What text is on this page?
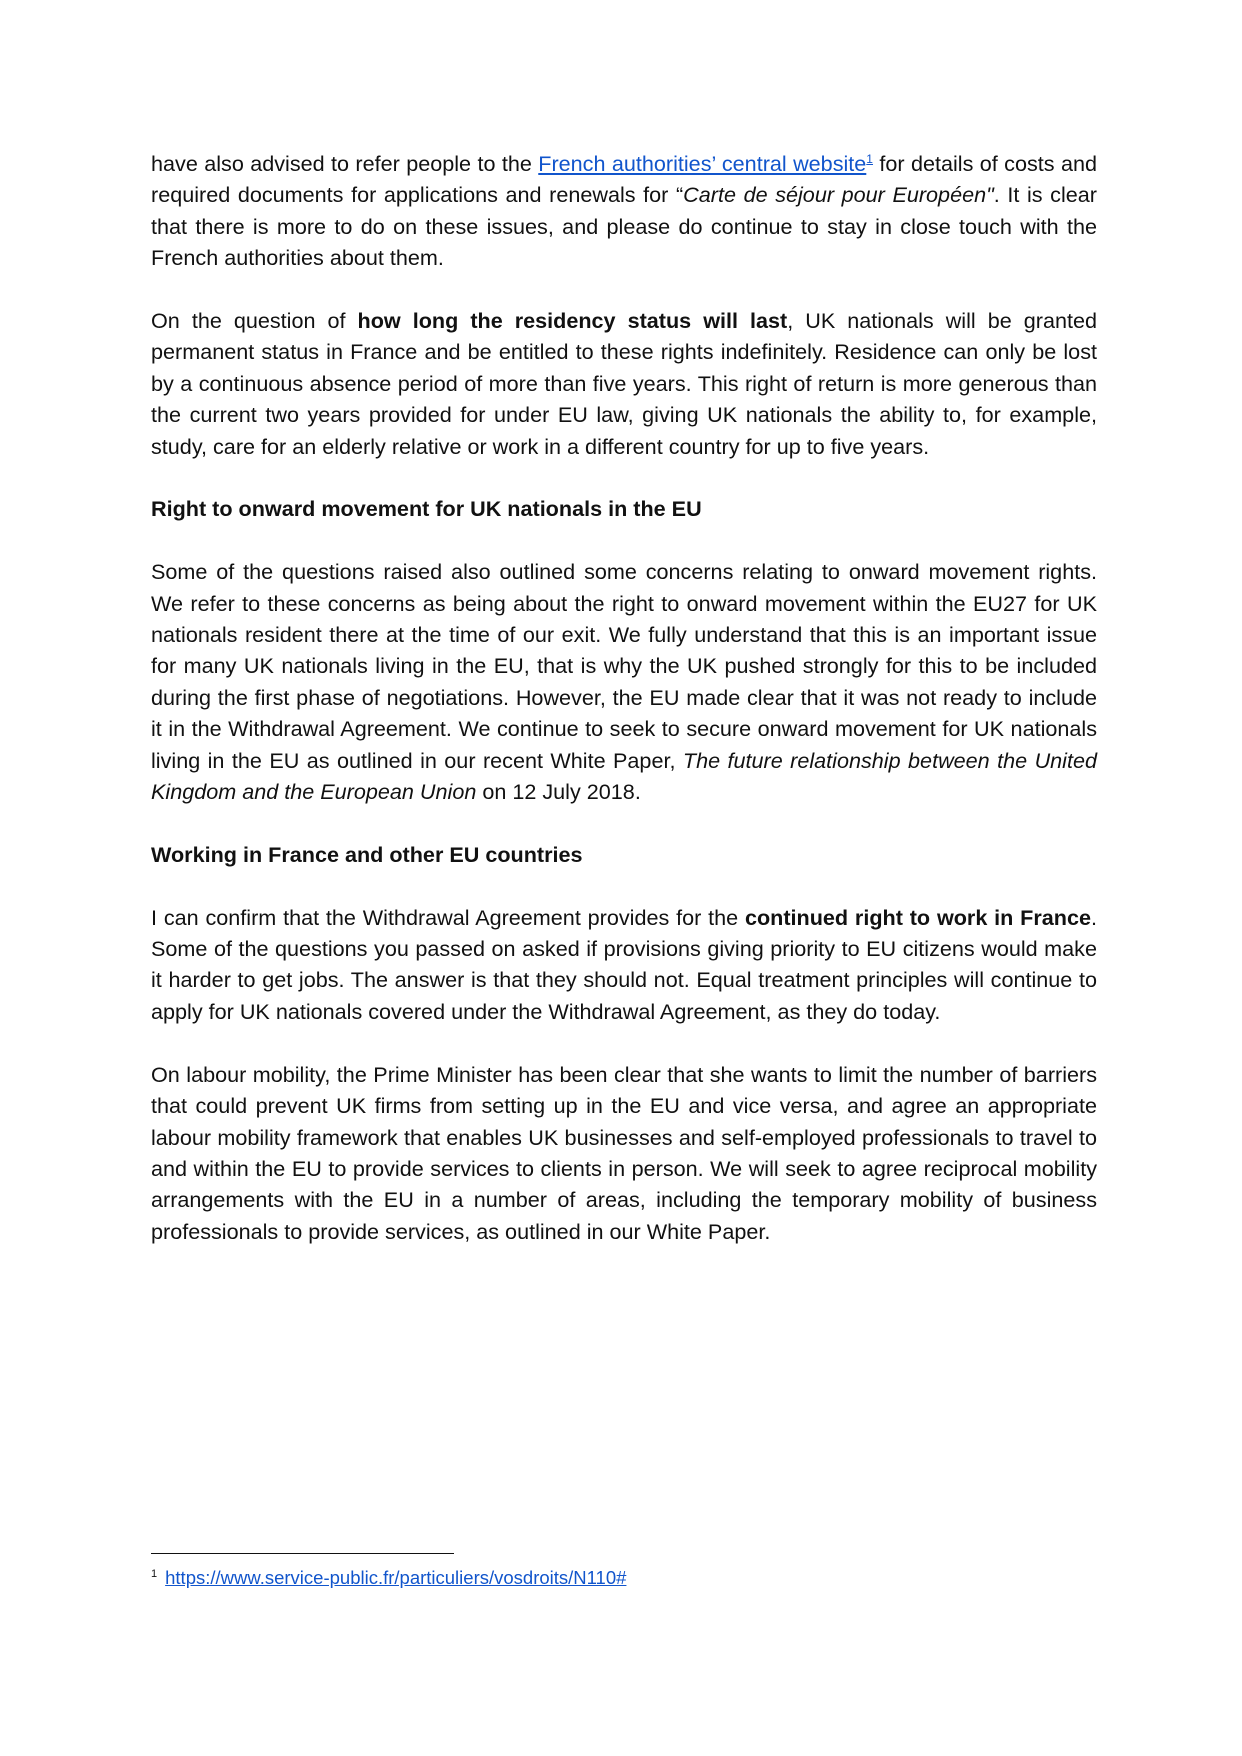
have also advised to refer people to the French authorities’ central website$^1$ for details of costs and required documents for applications and renewals for “Carte de séjour pour Européen". It is clear that there is more to do on these issues, and please do continue to stay in close touch with the French authorities about them.

On the question of how long the residency status will last, UK nationals will be granted permanent status in France and be entitled to these rights indefinitely. Residence can only be lost by a continuous absence period of more than five years. This right of return is more generous than the current two years provided for under EU law, giving UK nationals the ability to, for example, study, care for an elderly relative or work in a different country for up to five years.

Right to onward movement for UK nationals in the EU

Some of the questions raised also outlined some concerns relating to onward movement rights. We refer to these concerns as being about the right to onward movement within the EU27 for UK nationals resident there at the time of our exit. We fully understand that this is an important issue for many UK nationals living in the EU, that is why the UK pushed strongly for this to be included during the first phase of negotiations. However, the EU made clear that it was not ready to include it in the Withdrawal Agreement. We continue to seek to secure onward movement for UK nationals living in the EU as outlined in our recent White Paper, The future relationship between the United Kingdom and the European Union on 12 July 2018.

Working in France and other EU countries

I can confirm that the Withdrawal Agreement provides for the continued right to work in France. Some of the questions you passed on asked if provisions giving priority to EU citizens would make it harder to get jobs. The answer is that they should not. Equal treatment principles will continue to apply for UK nationals covered under the Withdrawal Agreement, as they do today.

On labour mobility, the Prime Minister has been clear that she wants to limit the number of barriers that could prevent UK firms from setting up in the EU and vice versa, and agree an appropriate labour mobility framework that enables UK businesses and self-employed professionals to travel to and within the EU to provide services to clients in person. We will seek to agree reciprocal mobility arrangements with the EU in a number of areas, including the temporary mobility of business professionals to provide services, as outlined in our White Paper.

$^1$ https://www.service-public.fr/particuliers/vosdroits/N110#
